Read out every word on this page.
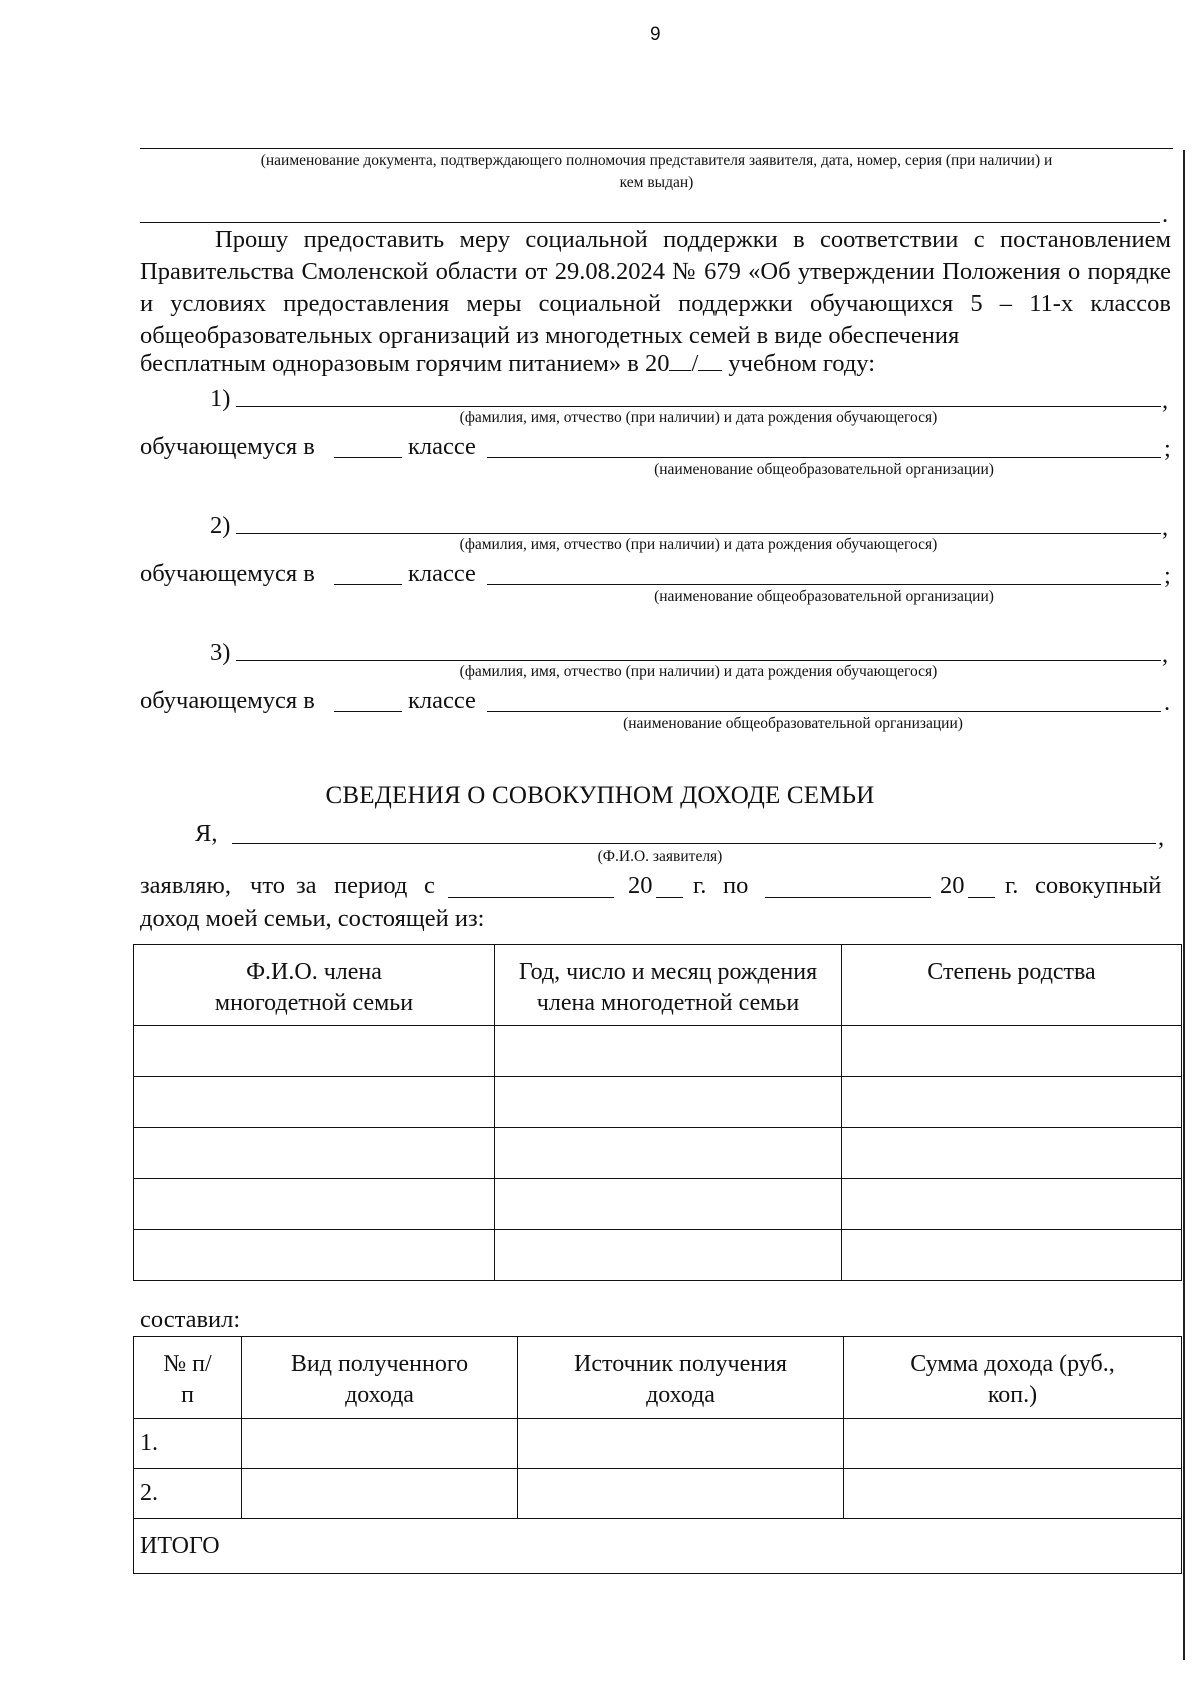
9
(наименование документа, подтверждающего полномочия представителя заявителя, дата, номер, серия (при наличии) и
кем выдан)
.
Прошу предоставить меру социальной поддержки в соответствии с постановлением Правительства Смоленской области от 29.08.2024 № 679 «Об утверждении Положения о порядке и условиях предоставления меры социальной поддержки обучающихся 5 – 11-х классов общеобразовательных организаций из многодетных семей в виде обеспечения
бесплатным одноразовым горячим питанием» в 20 / учебном году:
1)	,
(фамилия, имя, отчество (при наличии) и дата рождения обучающегося)
обучающемуся в	классе	;
(наименование общеобразовательной организации)
2)	,
(фамилия, имя, отчество (при наличии) и дата рождения обучающегося)
обучающемуся в	классе	;
(наименование общеобразовательной организации)
3)	,
(фамилия, имя, отчество (при наличии) и дата рождения обучающегося)
обучающемуся в	классе	.
(наименование общеобразовательной организации)
СВЕДЕНИЯ О СОВОКУПНОМ ДОХОДЕ СЕМЬИ
Я,	,
(Ф.И.О. заявителя)
заявляю, что за период с	20 г. по	20 г. совокупный
доход моей семьи, состоящей из:
Ф.И.О. члена многодетной семьи	Год, число и месяц рождения члена многодетной семьи	Степень родства

составил:
№ п/п	Вид полученного дохода	Источник получения дохода	Сумма дохода (руб., коп.)
1.			
2.			
ИТОГО			
